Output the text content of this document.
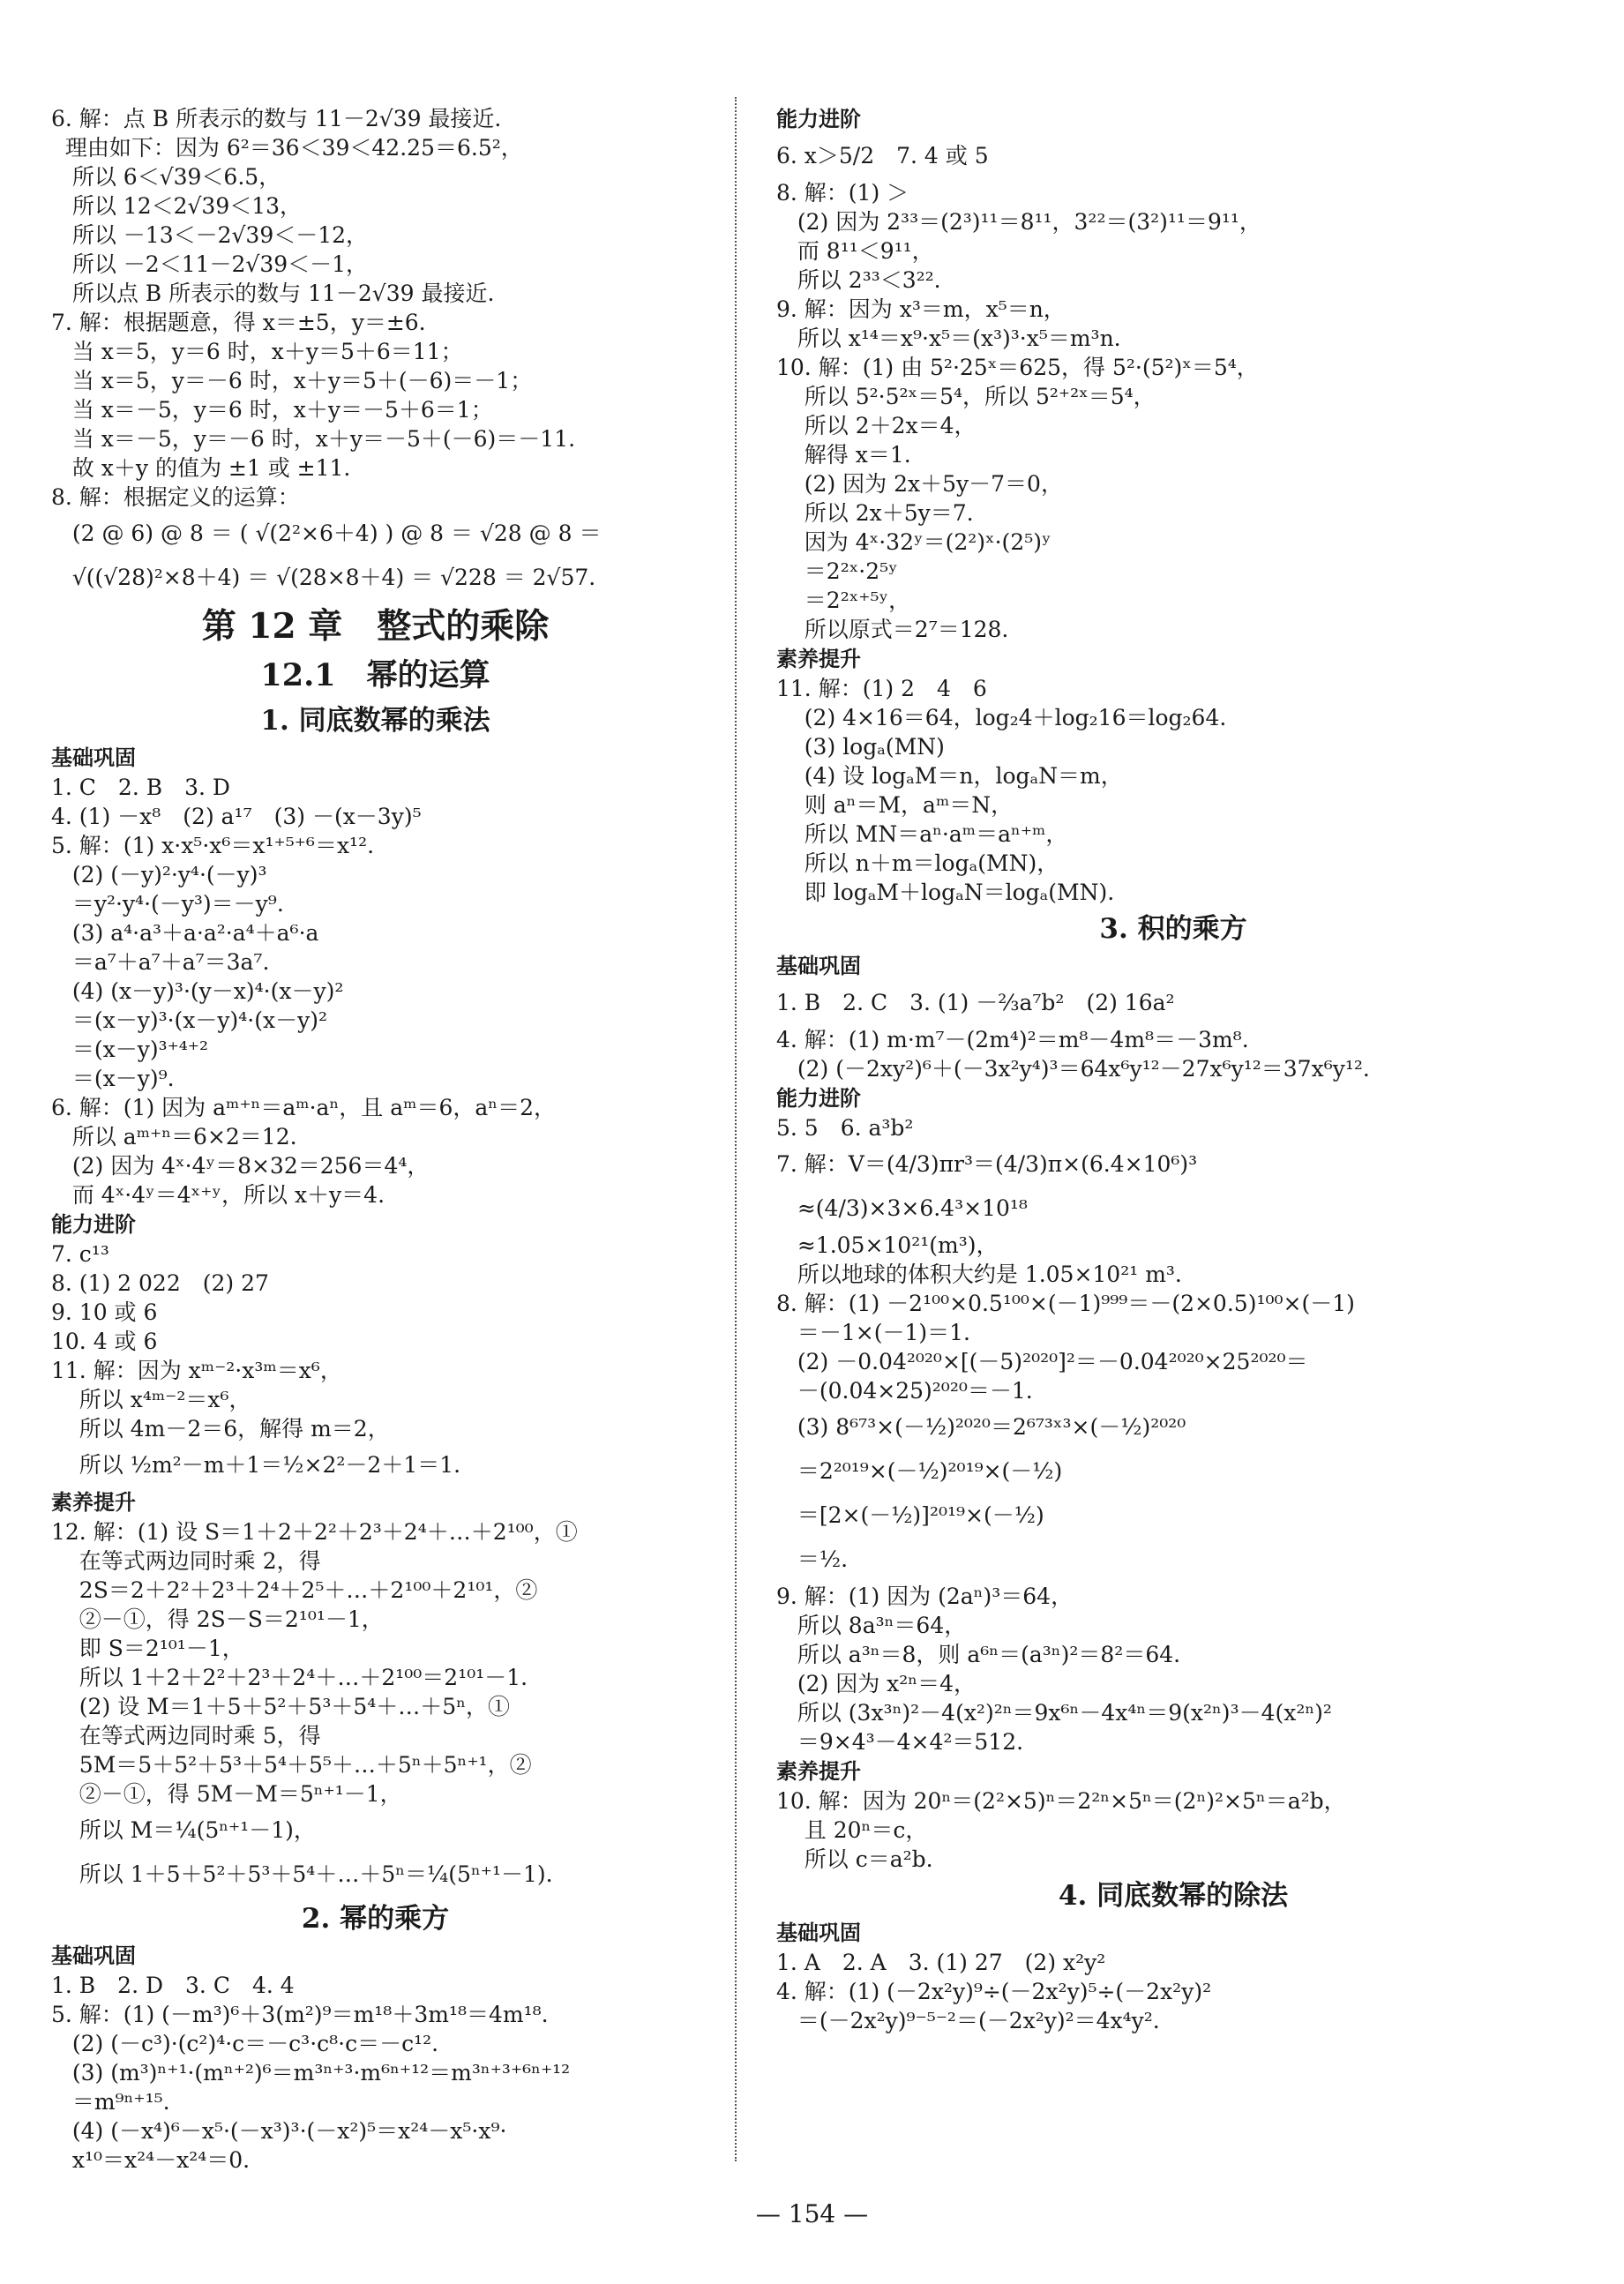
6. 解：点 B 所表示的数与 11－2√39 最接近.
理由如下：因为 6²＝36＜39＜42.25＝6.5²，
所以 6＜√39＜6.5，
所以 12＜2√39＜13，
所以 －13＜－2√39＜－12，
所以 －2＜11－2√39＜－1，
所以点 B 所表示的数与 11－2√39 最接近.
7. 解：根据题意，得 x＝±5，y＝±6.
当 x＝5，y＝6 时，x＋y＝5＋6＝11；
当 x＝5，y＝－6 时，x＋y＝5＋(－6)＝－1；
当 x＝－5，y＝6 时，x＋y＝－5＋6＝1；
当 x＝－5，y＝－6 时，x＋y＝－5＋(－6)＝－11.
故 x＋y 的值为 ±1 或 ±11.
8. 解：根据定义的运算：
(2 @ 6) @ 8 ＝ ( √(2²×6＋4) ) @ 8 ＝ √28 @ 8 ＝
√((√28)²×8＋4) ＝ √(28×8＋4) ＝ √228 ＝ 2√57.
第 12 章　整式的乘除
12.1　幂的运算
1. 同底数幂的乘法
基础巩固
1. C　2. B　3. D
4. (1) －x⁸　(2) a¹⁷　(3) －(x－3y)⁵
5. 解：(1) x·x⁵·x⁶＝x¹⁺⁵⁺⁶＝x¹².
(2) (－y)²·y⁴·(－y)³
＝y²·y⁴·(－y³)＝－y⁹.
(3) a⁴·a³＋a·a²·a⁴＋a⁶·a
＝a⁷＋a⁷＋a⁷＝3a⁷.
(4) (x－y)³·(y－x)⁴·(x－y)²
＝(x－y)³·(x－y)⁴·(x－y)²
＝(x－y)³⁺⁴⁺²
＝(x－y)⁹.
6. 解：(1) 因为 aᵐ⁺ⁿ＝aᵐ·aⁿ，且 aᵐ＝6，aⁿ＝2，
所以 aᵐ⁺ⁿ＝6×2＝12.
(2) 因为 4ˣ·4ʸ＝8×32＝256＝4⁴，
而 4ˣ·4ʸ＝4ˣ⁺ʸ，所以 x＋y＝4.
能力进阶
7. c¹³
8. (1) 2 022　(2) 27
9. 10 或 6
10. 4 或 6
11. 解：因为 xᵐ⁻²·x³ᵐ＝x⁶，
所以 x⁴ᵐ⁻²＝x⁶，
所以 4m－2＝6，解得 m＝2，
所以 ½m²－m＋1＝½×2²－2＋1＝1.
素养提升
12. 解：(1) 设 S＝1＋2＋2²＋2³＋2⁴＋…＋2¹⁰⁰，①
在等式两边同时乘 2，得
2S＝2＋2²＋2³＋2⁴＋2⁵＋…＋2¹⁰⁰＋2¹⁰¹，②
②－①，得 2S－S＝2¹⁰¹－1，
即 S＝2¹⁰¹－1，
所以 1＋2＋2²＋2³＋2⁴＋…＋2¹⁰⁰＝2¹⁰¹－1.
(2) 设 M＝1＋5＋5²＋5³＋5⁴＋…＋5ⁿ，①
在等式两边同时乘 5，得
5M＝5＋5²＋5³＋5⁴＋5⁵＋…＋5ⁿ＋5ⁿ⁺¹，②
②－①，得 5M－M＝5ⁿ⁺¹－1，
所以 M＝¼(5ⁿ⁺¹－1)，
所以 1＋5＋5²＋5³＋5⁴＋…＋5ⁿ＝¼(5ⁿ⁺¹－1).
2. 幂的乘方
基础巩固
1. B　2. D　3. C　4. 4
5. 解：(1) (－m³)⁶＋3(m²)⁹＝m¹⁸＋3m¹⁸＝4m¹⁸.
(2) (－c³)·(c²)⁴·c＝－c³·c⁸·c＝－c¹².
(3) (m³)ⁿ⁺¹·(mⁿ⁺²)⁶＝m³ⁿ⁺³·m⁶ⁿ⁺¹²＝m³ⁿ⁺³⁺⁶ⁿ⁺¹²
＝m⁹ⁿ⁺¹⁵.
(4) (－x⁴)⁶－x⁵·(－x³)³·(－x²)⁵＝x²⁴－x⁵·x⁹·
x¹⁰＝x²⁴－x²⁴＝0.
能力进阶
6. x＞5/2　7. 4 或 5
8. 解：(1) ＞
(2) 因为 2³³＝(2³)¹¹＝8¹¹，3²²＝(3²)¹¹＝9¹¹，
而 8¹¹＜9¹¹，
所以 2³³＜3²².
9. 解：因为 x³＝m，x⁵＝n，
所以 x¹⁴＝x⁹·x⁵＝(x³)³·x⁵＝m³n.
10. 解：(1) 由 5²·25ˣ＝625，得 5²·(5²)ˣ＝5⁴，
所以 5²·5²ˣ＝5⁴，所以 5²⁺²ˣ＝5⁴，
所以 2＋2x＝4，
解得 x＝1.
(2) 因为 2x＋5y－7＝0，
所以 2x＋5y＝7.
因为 4ˣ·32ʸ＝(2²)ˣ·(2⁵)ʸ
＝2²ˣ·2⁵ʸ
＝2²ˣ⁺⁵ʸ，
所以原式＝2⁷＝128.
素养提升
11. 解：(1) 2　4　6
(2) 4×16＝64，log₂4＋log₂16＝log₂64.
(3) logₐ(MN)
(4) 设 logₐM＝n，logₐN＝m，
则 aⁿ＝M，aᵐ＝N，
所以 MN＝aⁿ·aᵐ＝aⁿ⁺ᵐ，
所以 n＋m＝logₐ(MN)，
即 logₐM＋logₐN＝logₐ(MN).
3. 积的乘方
基础巩固
1. B　2. C　3. (1) －⅔a⁷b²　(2) 16a²
4. 解：(1) m·m⁷－(2m⁴)²＝m⁸－4m⁸＝－3m⁸.
(2) (－2xy²)⁶＋(－3x²y⁴)³＝64x⁶y¹²－27x⁶y¹²＝37x⁶y¹².
能力进阶
5. 5　6. a³b²
7. 解：V＝(4/3)πr³＝(4/3)π×(6.4×10⁶)³
≈(4/3)×3×6.4³×10¹⁸
≈1.05×10²¹(m³)，
所以地球的体积大约是 1.05×10²¹ m³.
8. 解：(1) －2¹⁰⁰×0.5¹⁰⁰×(－1)⁹⁹⁹＝－(2×0.5)¹⁰⁰×(－1)
＝－1×(－1)＝1.
(2) －0.04²⁰²⁰×[(－5)²⁰²⁰]²＝－0.04²⁰²⁰×25²⁰²⁰＝
－(0.04×25)²⁰²⁰＝－1.
(3) 8⁶⁷³×(－½)²⁰²⁰＝2⁶⁷³ˣ³×(－½)²⁰²⁰
＝2²⁰¹⁹×(－½)²⁰¹⁹×(－½)
＝[2×(－½)]²⁰¹⁹×(－½)
＝½.
9. 解：(1) 因为 (2aⁿ)³＝64，
所以 8a³ⁿ＝64，
所以 a³ⁿ＝8，则 a⁶ⁿ＝(a³ⁿ)²＝8²＝64.
(2) 因为 x²ⁿ＝4，
所以 (3x³ⁿ)²－4(x²)²ⁿ＝9x⁶ⁿ－4x⁴ⁿ＝9(x²ⁿ)³－4(x²ⁿ)²
＝9×4³－4×4²＝512.
素养提升
10. 解：因为 20ⁿ＝(2²×5)ⁿ＝2²ⁿ×5ⁿ＝(2ⁿ)²×5ⁿ＝a²b，
且 20ⁿ＝c，
所以 c＝a²b.
4. 同底数幂的除法
基础巩固
1. A　2. A　3. (1) 27　(2) x²y²
4. 解：(1) (－2x²y)⁹÷(－2x²y)⁵÷(－2x²y)²
＝(－2x²y)⁹⁻⁵⁻²＝(－2x²y)²＝4x⁴y².
— 154 —
